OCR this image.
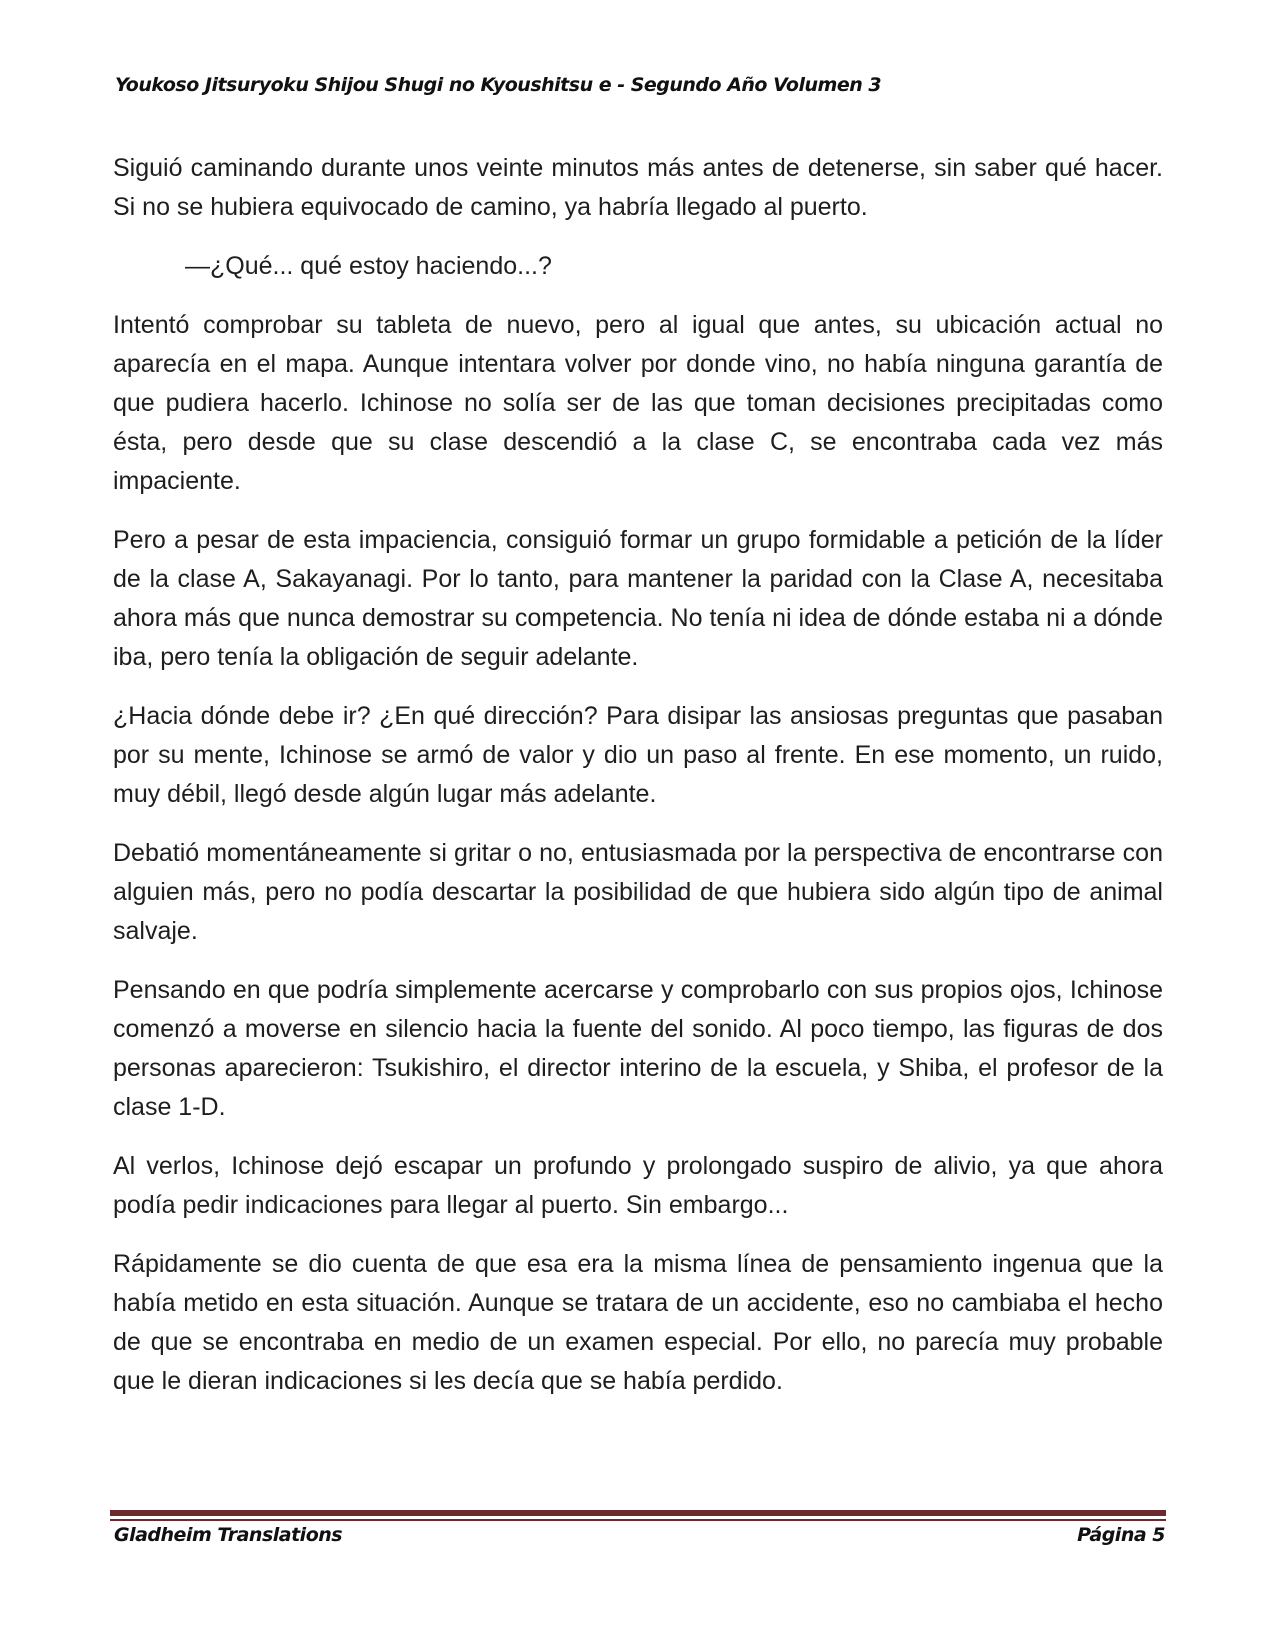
Youkoso Jitsuryoku Shijou Shugi no Kyoushitsu e - Segundo Año Volumen 3

Siguió caminando durante unos veinte minutos más antes de detenerse, sin saber qué hacer. Si no se hubiera equivocado de camino, ya habría llegado al puerto.

—¿Qué... qué estoy haciendo...?

Intentó comprobar su tableta de nuevo, pero al igual que antes, su ubicación actual no aparecía en el mapa. Aunque intentara volver por donde vino, no había ninguna garantía de que pudiera hacerlo. Ichinose no solía ser de las que toman decisiones precipitadas como ésta, pero desde que su clase descendió a la clase C, se encontraba cada vez más impaciente.

Pero a pesar de esta impaciencia, consiguió formar un grupo formidable a petición de la líder de la clase A, Sakayanagi. Por lo tanto, para mantener la paridad con la Clase A, necesitaba ahora más que nunca demostrar su competencia. No tenía ni idea de dónde estaba ni a dónde iba, pero tenía la obligación de seguir adelante.

¿Hacia dónde debe ir? ¿En qué dirección? Para disipar las ansiosas preguntas que pasaban por su mente, Ichinose se armó de valor y dio un paso al frente. En ese momento, un ruido, muy débil, llegó desde algún lugar más adelante.

Debatió momentáneamente si gritar o no, entusiasmada por la perspectiva de encontrarse con alguien más, pero no podía descartar la posibilidad de que hubiera sido algún tipo de animal salvaje.

Pensando en que podría simplemente acercarse y comprobarlo con sus propios ojos, Ichinose comenzó a moverse en silencio hacia la fuente del sonido. Al poco tiempo, las figuras de dos personas aparecieron: Tsukishiro, el director interino de la escuela, y Shiba, el profesor de la clase 1-D.

Al verlos, Ichinose dejó escapar un profundo y prolongado suspiro de alivio, ya que ahora podía pedir indicaciones para llegar al puerto. Sin embargo...

Rápidamente se dio cuenta de que esa era la misma línea de pensamiento ingenua que la había metido en esta situación. Aunque se tratara de un accidente, eso no cambiaba el hecho de que se encontraba en medio de un examen especial. Por ello, no parecía muy probable que le dieran indicaciones si les decía que se había perdido.

Gladheim Translations	Página 5
